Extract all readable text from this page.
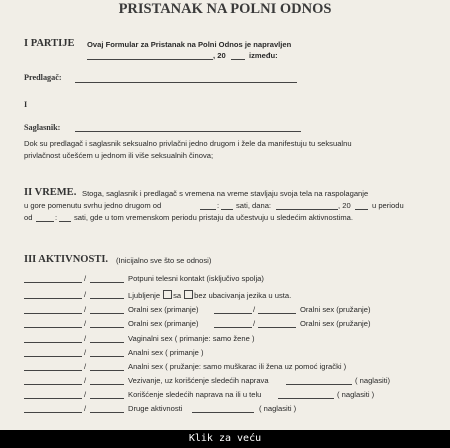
PRISTANAK NA POLNI ODNOS
I PARTIJE Ovaj Formular za Pristanak na Polni Odnos je napravljen
, 20	između:
Predlagač:
I
Saglasnik:
Dok su predlagač i saglasnik seksualno privlačni jedno drugom i žele da manifestuju tu seksualnu
privlačnost učešćem u jednom ili više seksualnih činova;
II VREME. Stoga, saglasnik i predlagač s vremena na vreme stavljaju svoja tela na raspolaganje
u gore pomenutu svrhu jedno drugom od	: sati, dana:	, 20	u periodu
od	: sati, gde u tom vremenskom periodu pristaju da učestvuju u sledećim aktivnostima.
III AKTIVNOSTI. (Inicijalno sve što se odnosi)
/	Potpuni telesni kontakt (isključivo spolja)
/	Ljubljenje sa bez ubacivanja jezika u usta.
/	Oralni sex (primanje)	/	Oralni sex (pružanje)
/	Oralni sex (primanje)	/	Oralni sex (pružanje)
/	Vaginalni sex ( primanje: samo žene )
/	Analni sex ( primanje )
/	Analni sex ( pružanje: samo muškarac ili žena uz pomoć igrački )
/	Vezivanje, uz korišćenje sledećih naprava	( naglasiti)
/	Korišćenje sledećih naprava na ili u telu	( naglasiti )
/	Druge aktivnosti	( naglasiti )
Klik za veću
